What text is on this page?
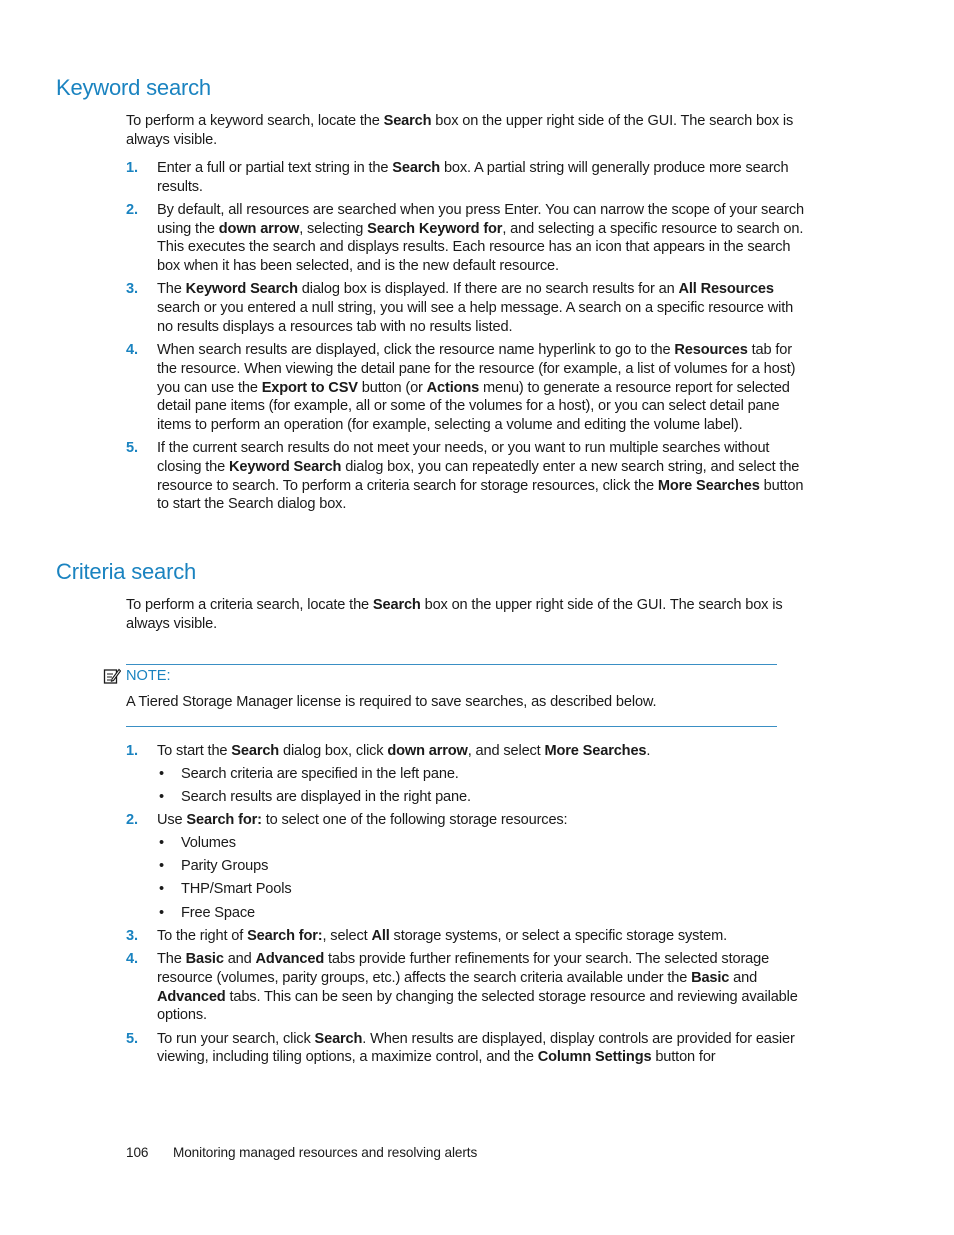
Keyword search

To perform a keyword search, locate the Search box on the upper right side of the GUI. The search box is always visible.

1. Enter a full or partial text string in the Search box. A partial string will generally produce more search results.
2. By default, all resources are searched when you press Enter. You can narrow the scope of your search using the down arrow, selecting Search Keyword for, and selecting a specific resource to search on. This executes the search and displays results. Each resource has an icon that appears in the search box when it has been selected, and is the new default resource.
3. The Keyword Search dialog box is displayed. If there are no search results for an All Resources search or you entered a null string, you will see a help message. A search on a specific resource with no results displays a resources tab with no results listed.
4. When search results are displayed, click the resource name hyperlink to go to the Resources tab for the resource. When viewing the detail pane for the resource (for example, a list of volumes for a host) you can use the Export to CSV button (or Actions menu) to generate a resource report for selected detail pane items (for example, all or some of the volumes for a host), or you can select detail pane items to perform an operation (for example, selecting a volume and editing the volume label).
5. If the current search results do not meet your needs, or you want to run multiple searches without closing the Keyword Search dialog box, you can repeatedly enter a new search string, and select the resource to search. To perform a criteria search for storage resources, click the More Searches button to start the Search dialog box.
Criteria search

To perform a criteria search, locate the Search box on the upper right side of the GUI. The search box is always visible.

NOTE:

A Tiered Storage Manager license is required to save searches, as described below.

1. To start the Search dialog box, click down arrow, and select More Searches.
• Search criteria are specified in the left pane.
• Search results are displayed in the right pane.
2. Use Search for: to select one of the following storage resources:
• Volumes
• Parity Groups
• THP/Smart Pools
• Free Space
3. To the right of Search for:, select All storage systems, or select a specific storage system.
4. The Basic and Advanced tabs provide further refinements for your search. The selected storage resource (volumes, parity groups, etc.) affects the search criteria available under the Basic and Advanced tabs. This can be seen by changing the selected storage resource and reviewing available options.
5. To run your search, click Search. When results are displayed, display controls are provided for easier viewing, including tiling options, a maximize control, and the Column Settings button for
106 Monitoring managed resources and resolving alerts
